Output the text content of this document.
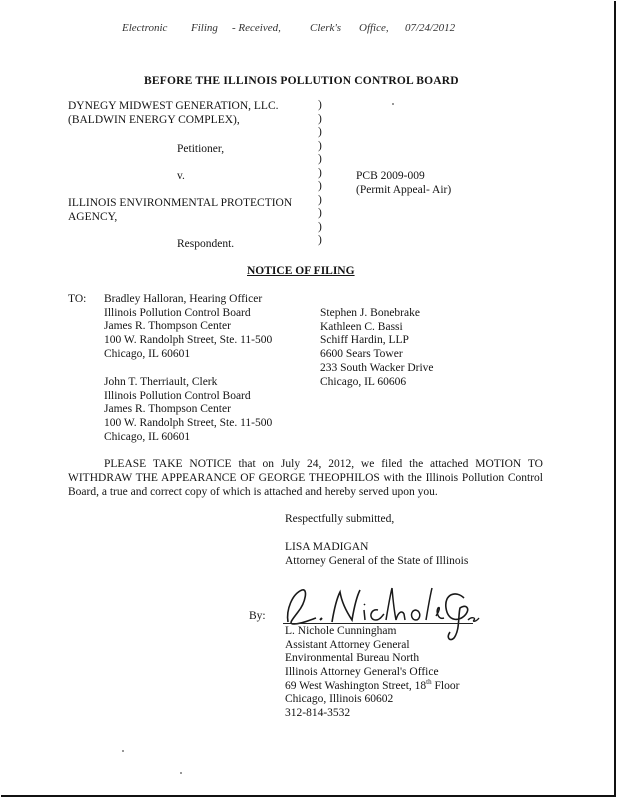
Electronic Filing - Received,	Clerk's Office, 07/24/2012
BEFORE THE ILLINOIS POLLUTION CONTROL BOARD
DYNEGY MIDWEST GENERATION, LLC.
(BALDWIN ENERGY COMPLEX),
Petitioner,
v.
ILLINOIS ENVIRONMENTAL PROTECTION
AGENCY,
Respondent.
)
)
)
)
)
)
)
)
)
)
)
PCB 2009-009
(Permit Appeal- Air)
NOTICE OF FILING
TO: Bradley Halloran, Hearing Officer
Illinois Pollution Control Board
James R. Thompson Center
100 W. Randolph Street, Ste. 11-500
Chicago, IL 60601
John T. Therriault, Clerk
Illinois Pollution Control Board
James R. Thompson Center
100 W. Randolph Street, Ste. 11-500
Chicago, IL 60601
Stephen J. Bonebrake
Kathleen C. Bassi
Schiff Hardin, LLP
6600 Sears Tower
233 South Wacker Drive
Chicago, IL 60606
PLEASE TAKE NOTICE that on July 24, 2012, we filed the attached MOTION TO WITHDRAW THE APPEARANCE OF GEORGE THEOPHILOS with the Illinois Pollution Control Board, a true and correct copy of which is attached and hereby served upon you.
Respectfully submitted,
LISA MADIGAN
Attorney General of the State of Illinois
By:
L. Nichole Cunningham
Assistant Attorney General
Environmental Bureau North
Illinois Attorney General's Office
69 West Washington Street, 18th Floor
Chicago, Illinois 60602
312-814-3532
